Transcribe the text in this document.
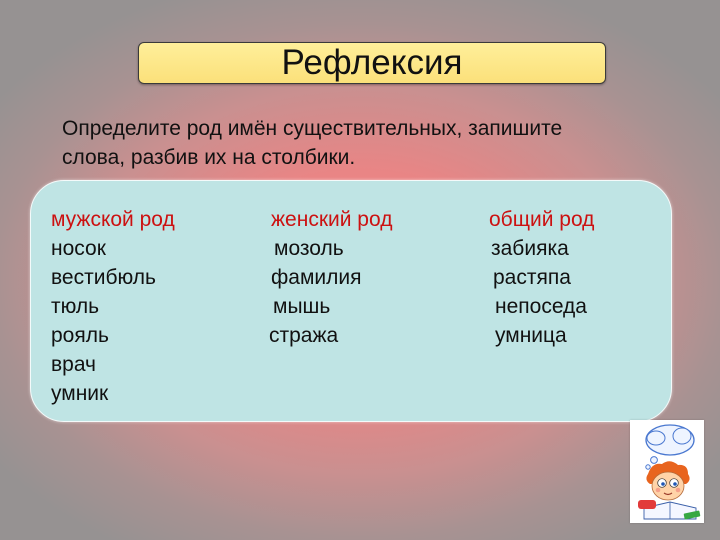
Рефлексия
Определите род имён существительных, запишите
слова, разбив их на столбики.
мужской род
носок
вестибюль
тюль
рояль
врач
умник
женский род
мозоль
фамилия
мышь
стража
общий род
забияка
растяпа
непоседа
умница
